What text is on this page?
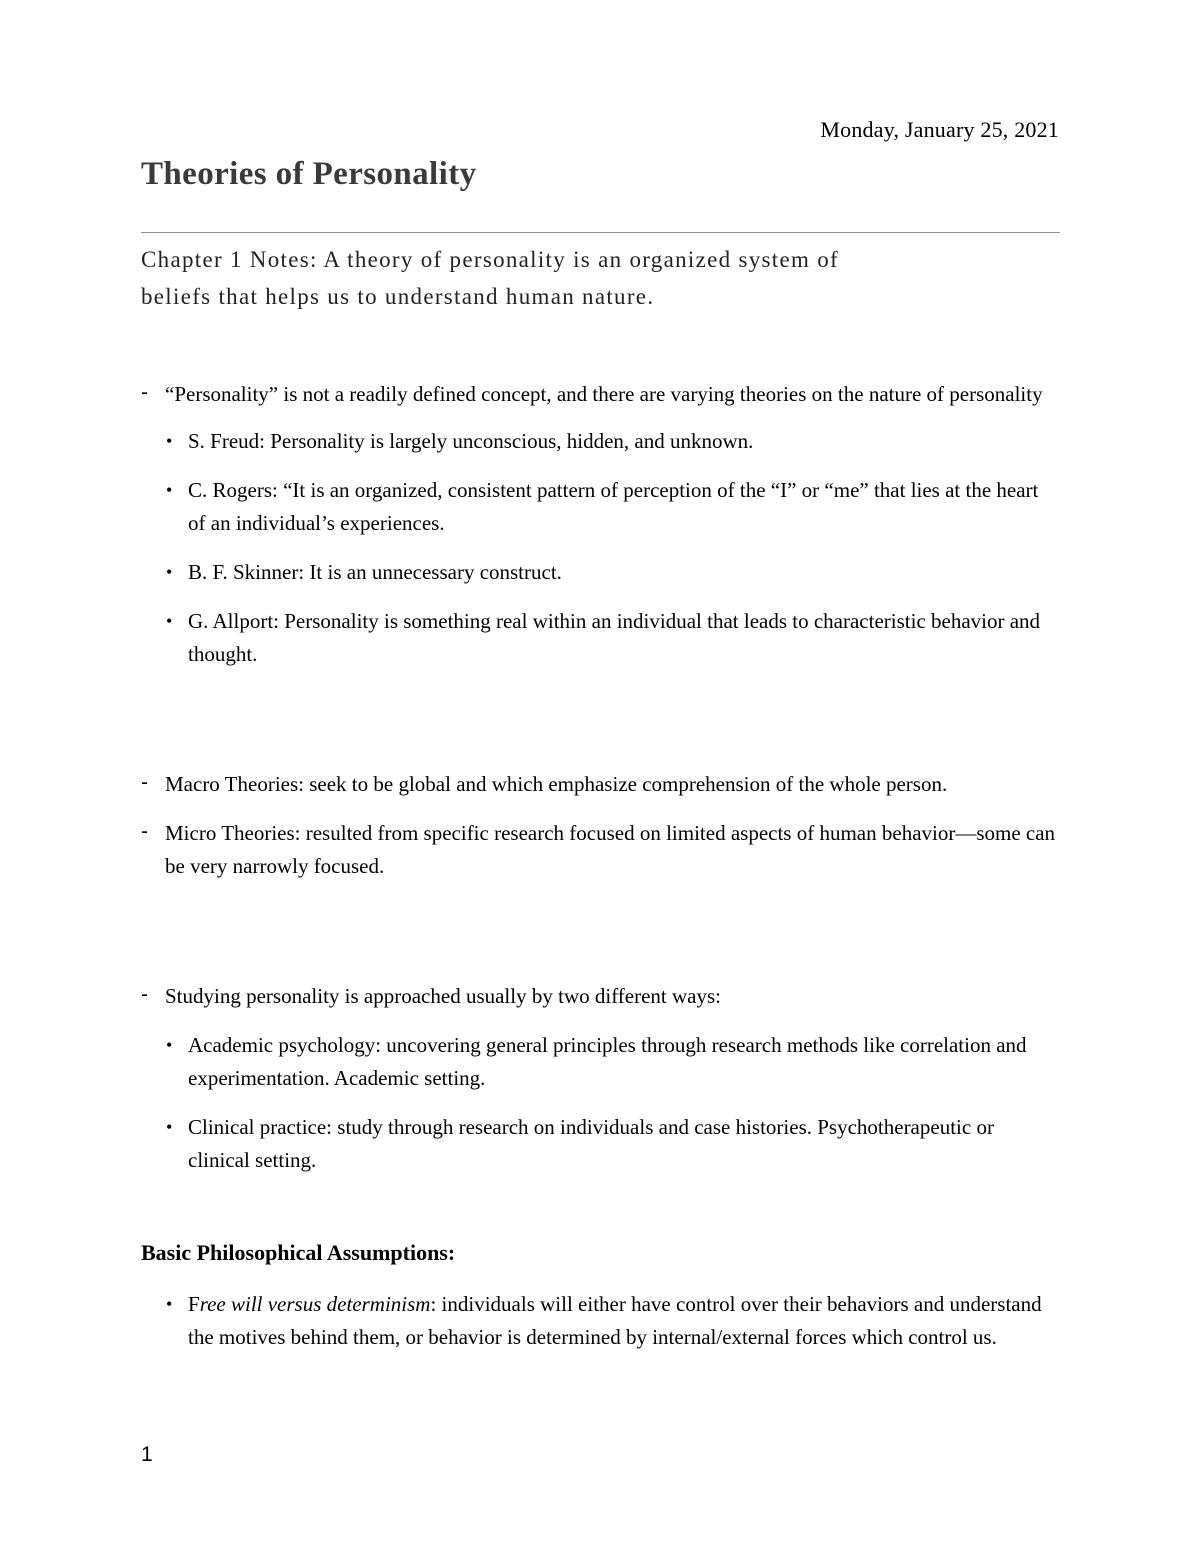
Monday, January 25, 2021
Theories of Personality
Chapter 1 Notes: A theory of personality is an organized system of
beliefs that helps us to understand human nature.
- “Personality” is not a readily defined concept, and there are varying theories on the nature of personality
• S. Freud: Personality is largely unconscious, hidden, and unknown.
• C. Rogers: “It is an organized, consistent pattern of perception of the “I” or “me” that lies at the heart of an individual’s experiences.
• B. F. Skinner: It is an unnecessary construct.
• G. Allport: Personality is something real within an individual that leads to characteristic behavior and thought.
- Macro Theories: seek to be global and which emphasize comprehension of the whole person.
- Micro Theories: resulted from specific research focused on limited aspects of human behavior—some can be very narrowly focused.
- Studying personality is approached usually by two different ways:
• Academic psychology: uncovering general principles through research methods like correlation and experimentation. Academic setting.
• Clinical practice: study through research on individuals and case histories. Psychotherapeutic or clinical setting.
Basic Philosophical Assumptions:
• Free will versus determinism: individuals will either have control over their behaviors and understand the motives behind them, or behavior is determined by internal/external forces which control us.
1
